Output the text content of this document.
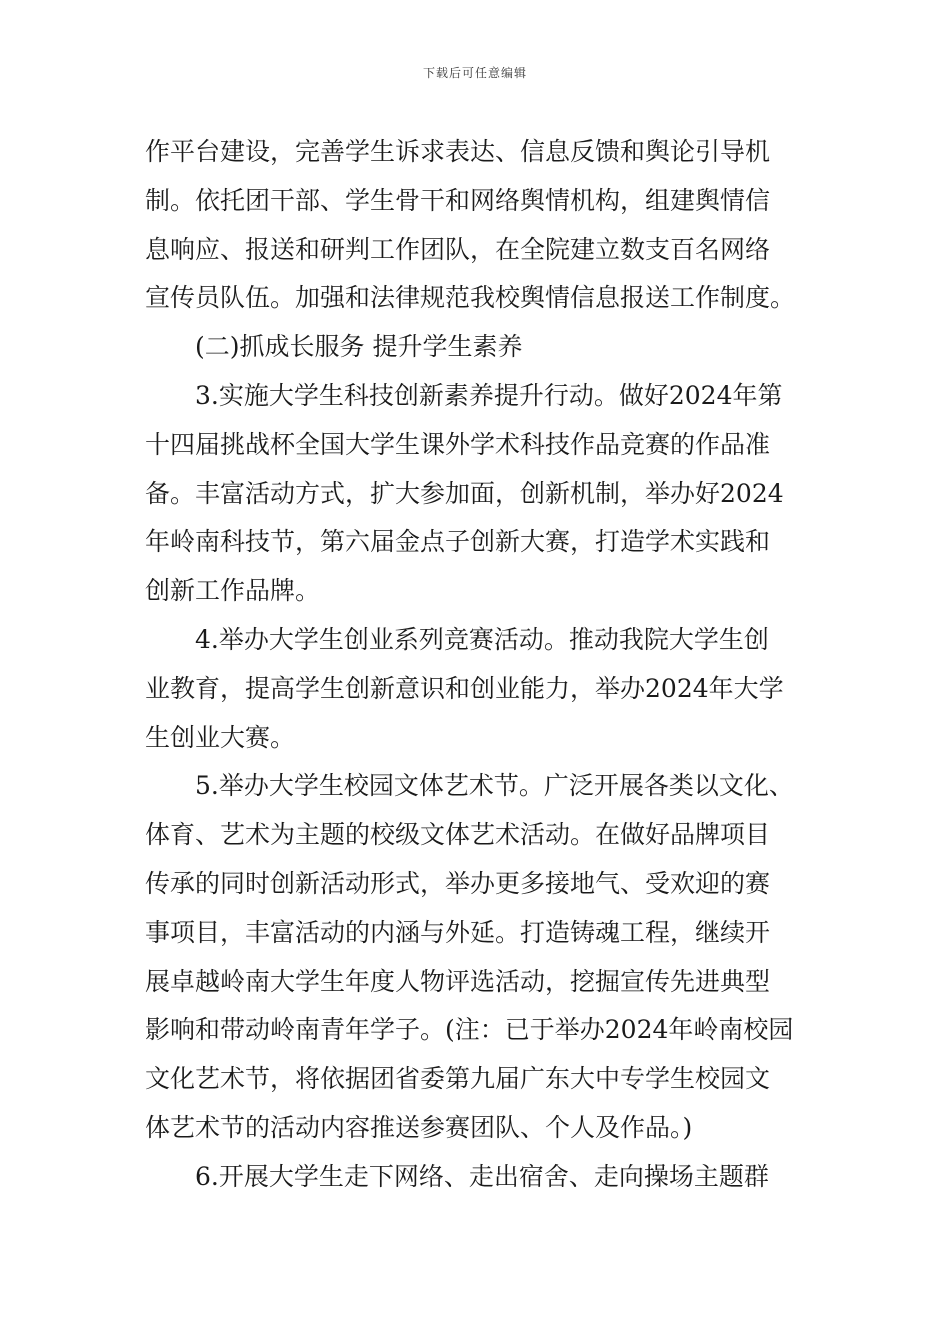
下载后可任意编辑
作平台建设，完善学生诉求表达、信息反馈和舆论引导机
制。依托团干部、学生骨干和网络舆情机构，组建舆情信
息响应、报送和研判工作团队，在全院建立数支百名网络
宣传员队伍。加强和法律规范我校舆情信息报送工作制度。
(二)抓成长服务 提升学生素养
3.实施大学生科技创新素养提升行动。做好2024年第
十四届挑战杯全国大学生课外学术科技作品竞赛的作品准
备。丰富活动方式，扩大参加面，创新机制，举办好2024
年岭南科技节，第六届金点子创新大赛，打造学术实践和
创新工作品牌。
4.举办大学生创业系列竞赛活动。推动我院大学生创
业教育，提高学生创新意识和创业能力，举办2024年大学
生创业大赛。
5.举办大学生校园文体艺术节。广泛开展各类以文化、
体育、艺术为主题的校级文体艺术活动。在做好品牌项目
传承的同时创新活动形式，举办更多接地气、受欢迎的赛
事项目，丰富活动的内涵与外延。打造铸魂工程，继续开
展卓越岭南大学生年度人物评选活动，挖掘宣传先进典型
影响和带动岭南青年学子。(注：已于举办2024年岭南校园
文化艺术节，将依据团省委第九届广东大中专学生校园文
体艺术节的活动内容推送参赛团队、个人及作品。)
6.开展大学生走下网络、走出宿舍、走向操场主题群
